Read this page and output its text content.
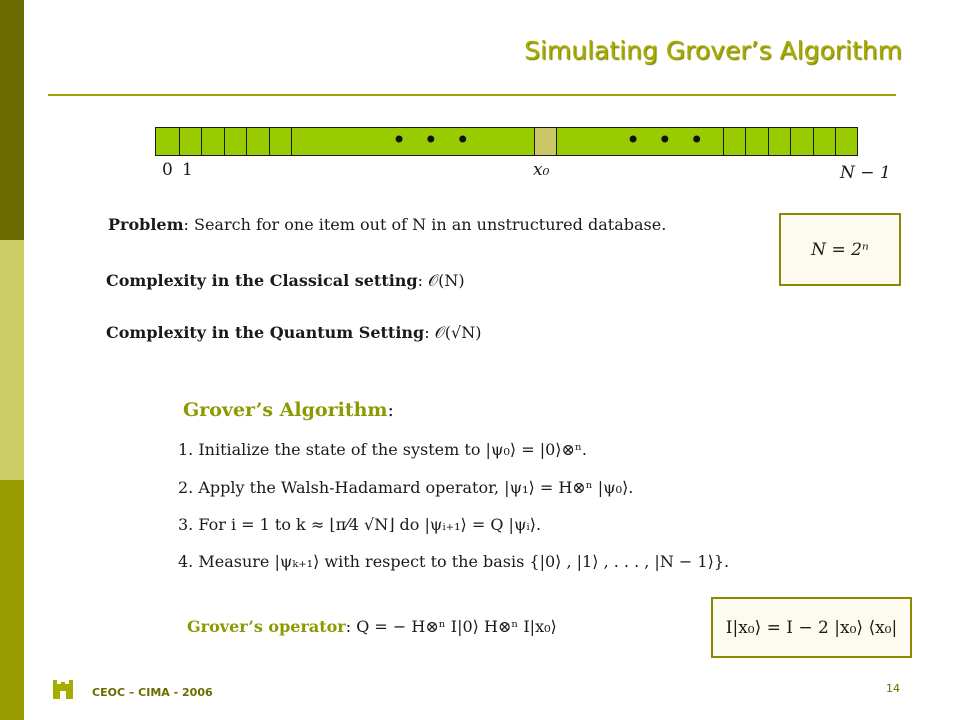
Simulating Grover’s Algorithm
• • •	• • •
0 1	x₀	N − 1
Problem: Search for one item out of N in an unstructured database.
N = 2ⁿ
Complexity in the Classical setting: 𝒪(N)
Complexity in the Quantum Setting: 𝒪(√N)
Grover’s Algorithm:
1. Initialize the state of the system to |ψ₀⟩ = |0⟩⊗ⁿ.
2. Apply the Walsh-Hadamard operator, |ψ₁⟩ = H⊗ⁿ |ψ₀⟩.
3. For i = 1 to k ≈ ⌊π⁄4 √N⌋ do |ψᵢ₊₁⟩ = Q |ψᵢ⟩.
4. Measure |ψₖ₊₁⟩ with respect to the basis {|0⟩ , |1⟩ , . . . , |N − 1⟩}.
Grover’s operator: Q = − H⊗ⁿ I|0⟩ H⊗ⁿ I|x₀⟩	I|x₀⟩ = I − 2 |x₀⟩ ⟨x₀|
CEOC – CIMA - 2006	14
